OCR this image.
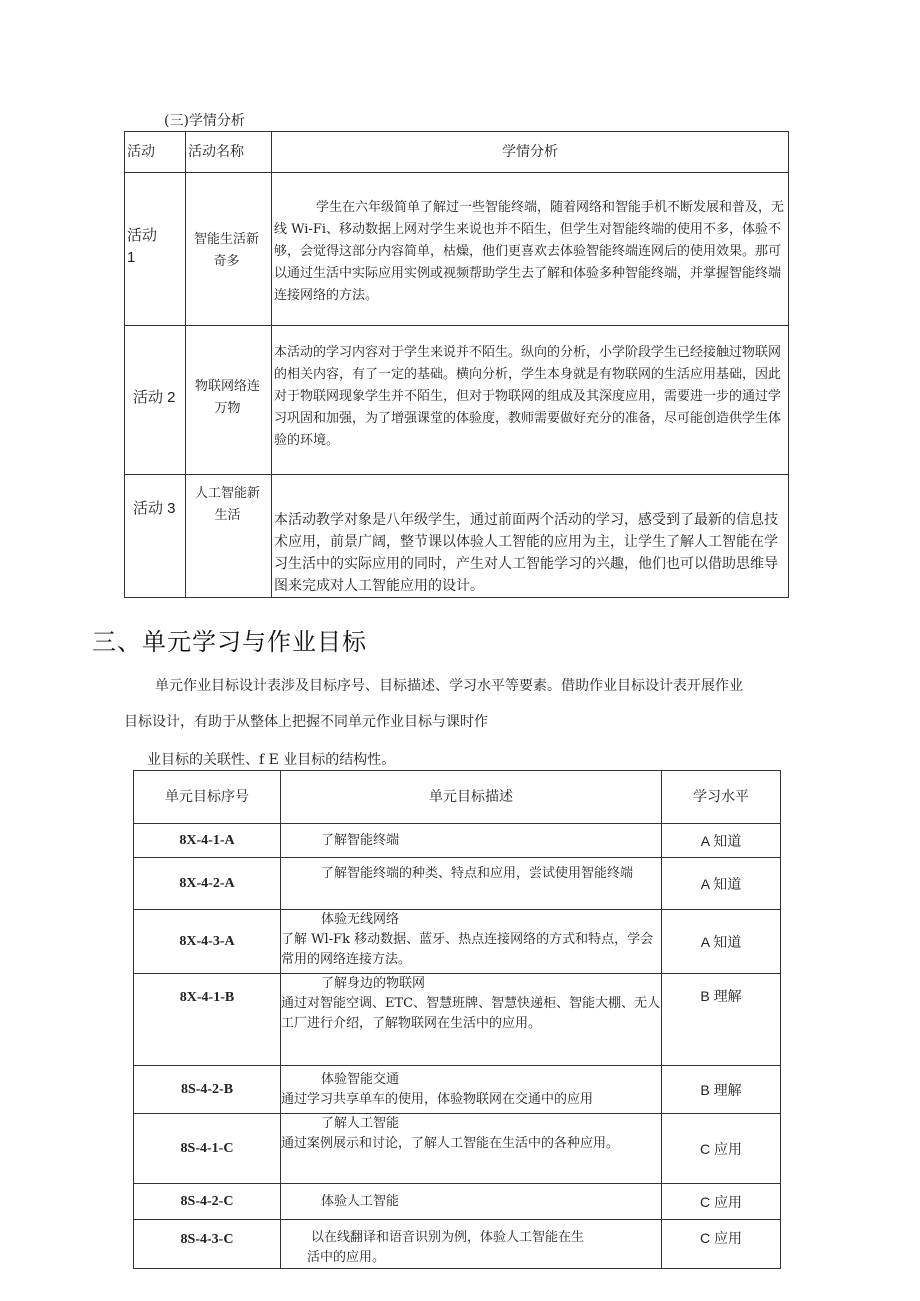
(三)学情分析
活动	活动名称	学情分析

活动 1	智能生活新奇多	学生在六年级简单了解过一些智能终端，随着网络和智能手机不断发展和普及，无线 Wi-Fi、移动数据上网对学生来说也并不陌生，但学生对智能终端的使用不多，体验不够，会觉得这部分内容简单，枯燥，他们更喜欢去体验智能终端连网后的使用效果。那可以通过生活中实际应用实例或视频帮助学生去了解和体验多种智能终端，并掌握智能终端连接网络的方法。

活动 2	物联网络连万物	本活动的学习内容对于学生来说并不陌生。纵向的分析，小学阶段学生已经接触过物联网的相关内容，有了一定的基础。横向分析，学生本身就是有物联网的生活应用基础，因此对于物联网现象学生并不陌生，但对于物联网的组成及其深度应用，需要进一步的通过学习巩固和加强，为了增强课堂的体验度，教师需要做好充分的准备，尽可能创造供学生体验的环境。

活动 3	人工智能新生活	本活动教学对象是八年级学生，通过前面两个活动的学习，感受到了最新的信息技术应用，前景广阔，整节课以体验人工智能的应用为主，让学生了解人工智能在学习生活中的实际应用的同时，产生对人工智能学习的兴趣，他们也可以借助思维导图来完成对人工智能应用的设计。
三、单元学习与作业目标
单元作业目标设计表涉及目标序号、目标描述、学习水平等要素。借助作业目标设计表开展作业
目标设计，有助于从整体上把握不同单元作业目标与课时作
业目标的关联性、f E 业目标的结构性。
单元目标序号	单元目标描述	学习水平
8X-4-1-A	了解智能终端	A 知道
8X-4-2-A	了解智能终端的种类、特点和应用，尝试使用智能终端	A 知道
8X-4-3-A	体验无线网络
了解 Wl-Fk 移动数据、蓝牙、热点连接网络的方式和特点，学会常用的网络连接方法。	A 知道
8X-4-1-B	了解身边的物联网
通过对智能空调、ETC、智慧班牌、智慧快递柜、智能大棚、无人工厂进行介绍，了解物联网在生活中的应用。	B 理解
8S-4-2-B	体验智能交通
通过学习共享单车的使用，体验物联网在交通中的应用	B 理解
8S-4-1-C	了解人工智能
通过案例展示和讨论，了解人工智能在生活中的各种应用。	C 应用
8S-4-2-C	体验人工智能	C 应用
8S-4-3-C	以在线翻译和语音识别为例，体验人工智能在生
活中的应用。	C 应用
